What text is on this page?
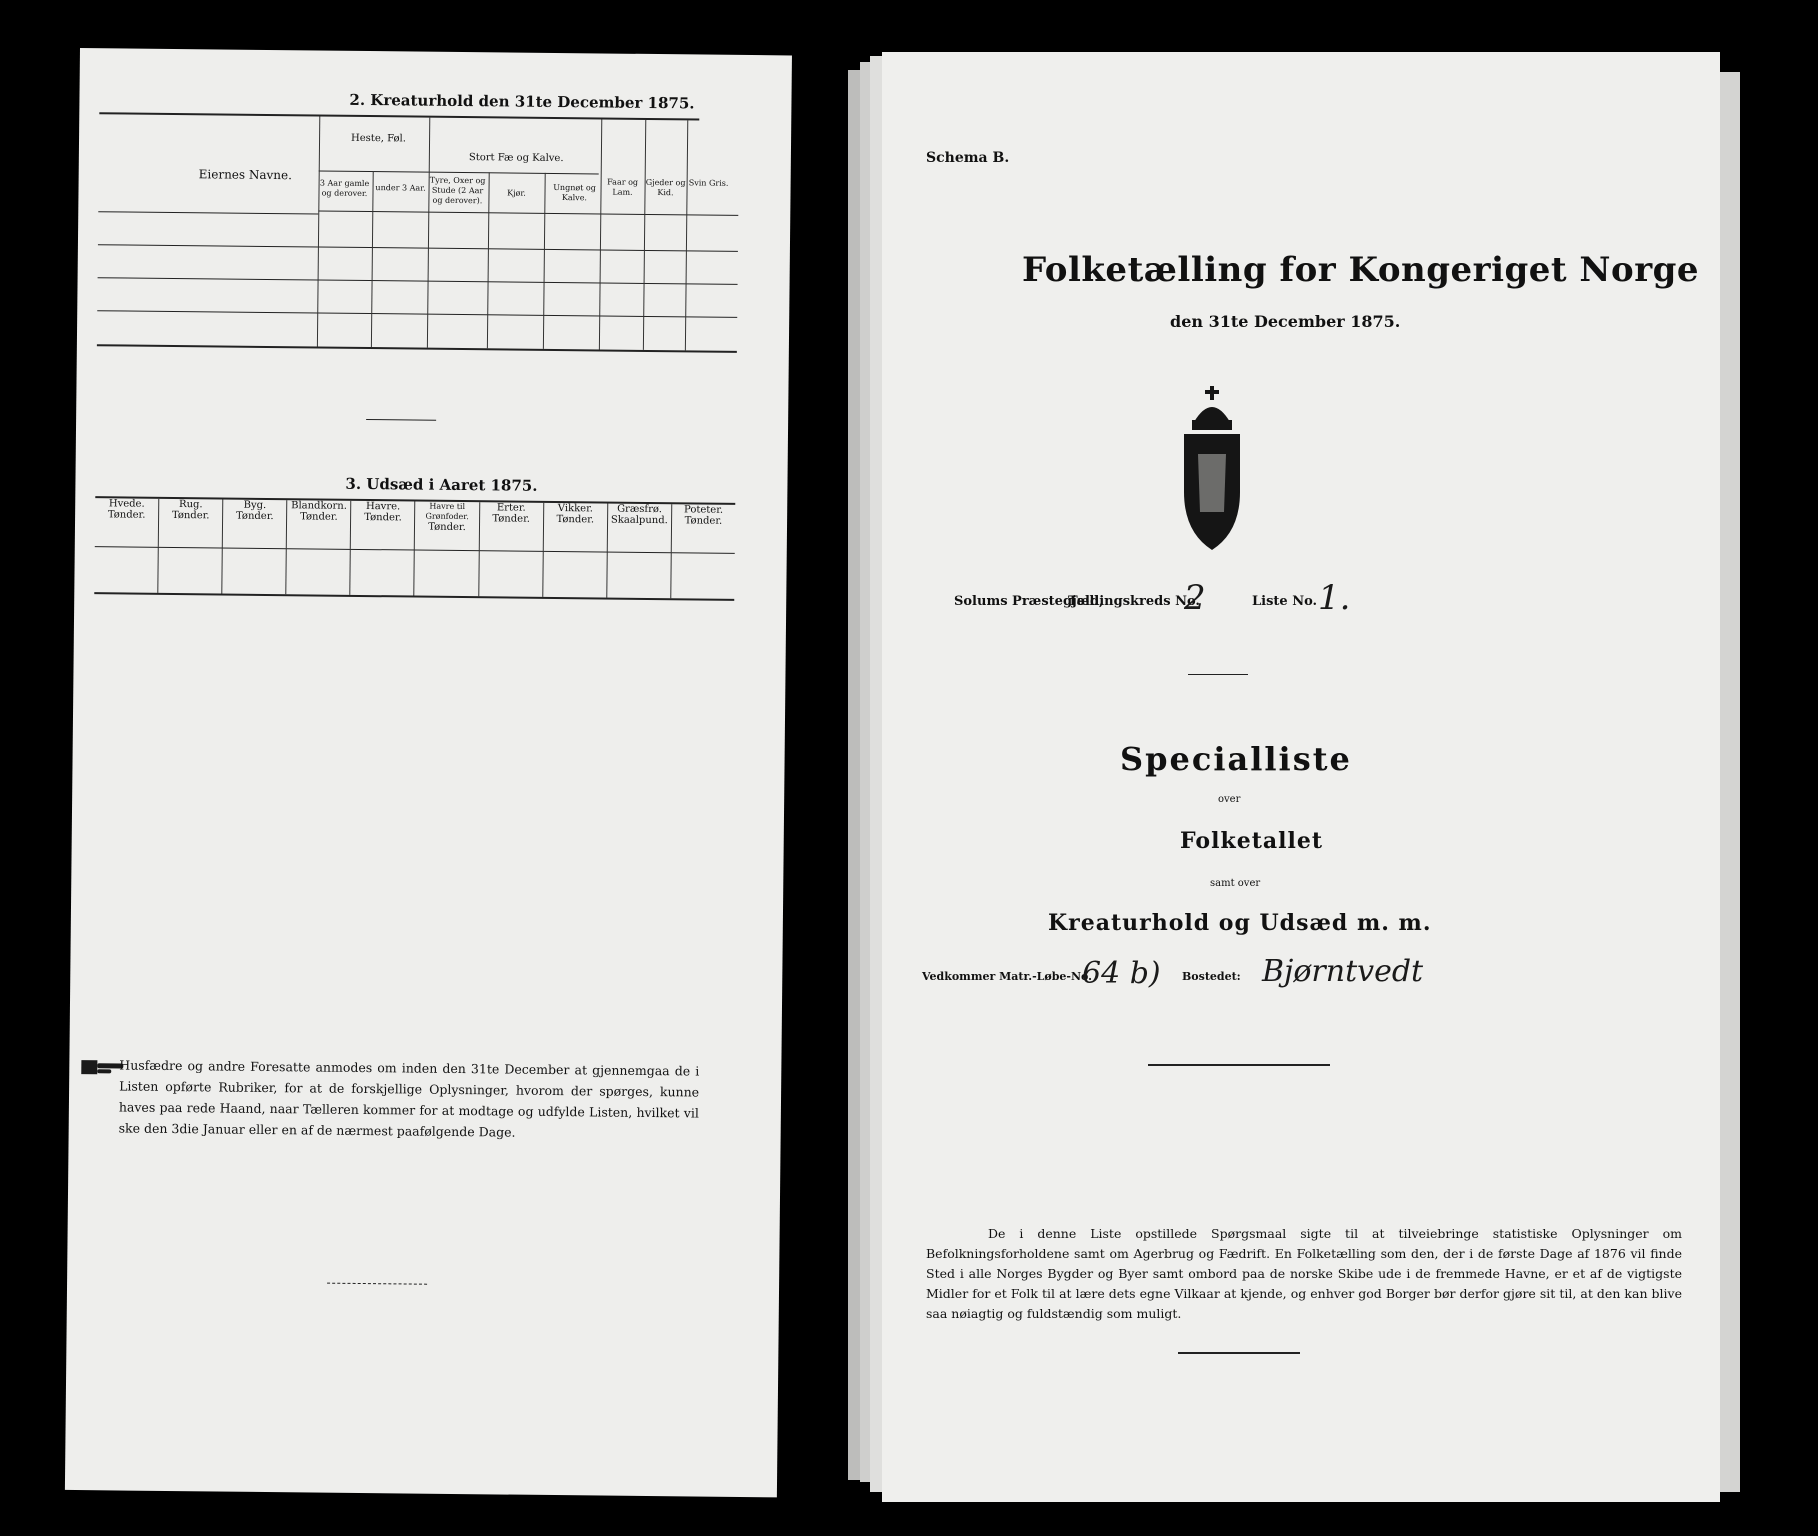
2. Kreaturhold den 31te December 1875.
Eiernes Navne.
Heste, Føl.
3 Aar gamle og derover.
under 3 Aar.
Stort Fæ og Kalve.
Tyre, Oxer og Stude (2 Aar og derover).
Kjør.
Ungnøt og Kalve.
Faar og Lam.
Gjeder og Kid.
Svin Gris.
3. Udsæd i Aaret 1875.
Hvede.
Tønder.
Rug.
Tønder.
Byg.
Tønder.
Blandkorn.
Tønder.
Havre.
Tønder.
Havre til Grønfoder.
Tønder.
Erter.
Tønder.
Vikker.
Tønder.
Græsfrø.
Skaalpund.
Poteter.
Tønder.
Husfædre og andre Foresatte anmodes om inden den 31te December at gjennemgaa de i Listen opførte Rubriker, for at de forskjellige Oplysninger, hvorom der spørges, kunne haves paa rede Haand, naar Tælleren kommer for at modtage og udfylde Listen, hvilket vil ske den 3die Januar eller en af de nærmest paafølgende Dage.
Schema B.
Folketælling for Kongeriget Norge
den 31te December 1875.
Solums Præstegjeld,
Tællingskreds No.
2	Liste No. 1.
Specialliste
over
Folketallet
samt over
Kreaturhold og Udsæd m. m.
Vedkommer Matr.-Løbe-No.
64 b) Bostedet: Bjørntvedt
De i denne Liste opstillede Spørgsmaal sigte til at tilveiebringe statistiske Oplysninger om Befolkningsforholdene samt om Agerbrug og Fædrift. En Folketælling som den, der i de første Dage af 1876 vil finde Sted i alle Norges Bygder og Byer samt ombord paa de norske Skibe ude i de fremmede Havne, er et af de vigtigste Midler for et Folk til at lære dets egne Vilkaar at kjende, og enhver god Borger bør derfor gjøre sit til, at den kan blive saa nøiagtig og fuldstændig som muligt.
